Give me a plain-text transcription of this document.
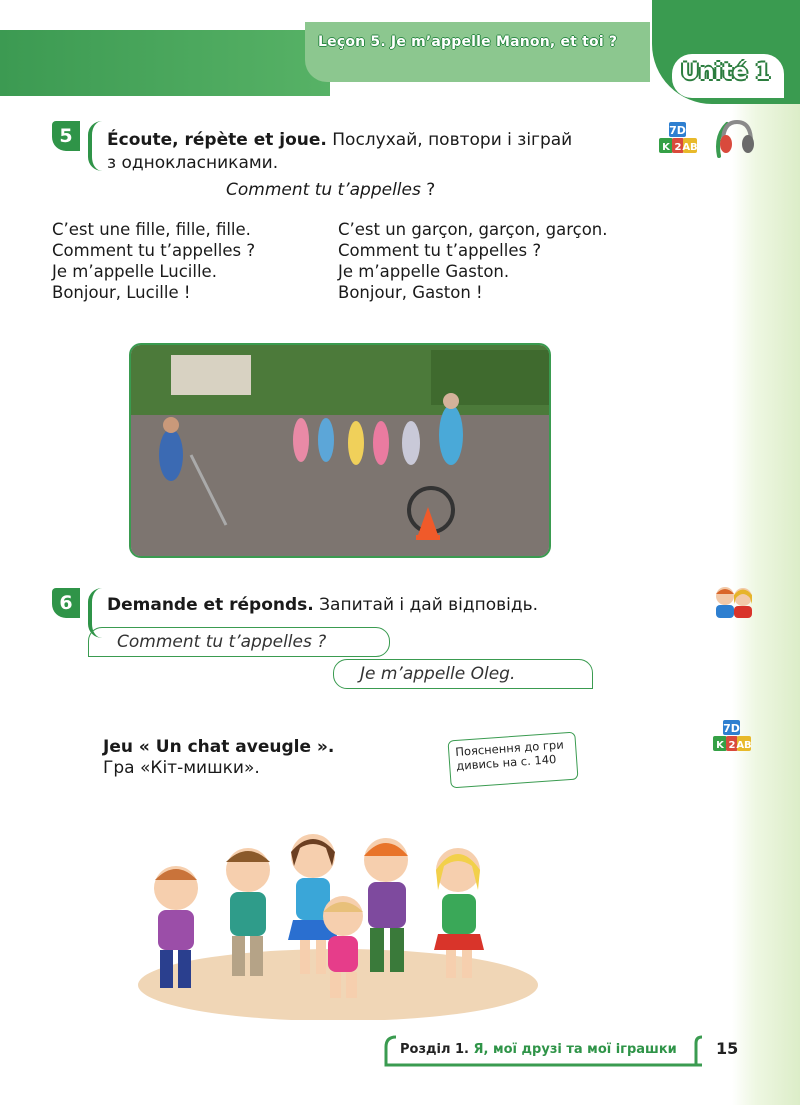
Leçon 5. Je m’appelle Manon, et toi ?
Unité 1
5	Écoute, répète et joue. Послухай, повтори і зіграй
з однокласниками.
7D
K 2 AB
Comment tu t’appelles ?
C’est une fille, fille, fille.
Comment tu t’appelles ?
Je m’appelle Lucille.
Bonjour, Lucille !
C’est un garçon, garçon, garçon.
Comment tu t’appelles ?
Je m’appelle Gaston.
Bonjour, Gaston !
6	Demande et réponds. Запитай і дай відповідь.
Comment tu t’appelles ?
Je m’appelle Oleg.
Jeu « Un chat aveugle ».
Гра «Кіт-мишки».
Пояснення до гри дивись на с. 140
7D
K 2 AB
Розділ 1. Я, мої друзі та мої іграшки 15
